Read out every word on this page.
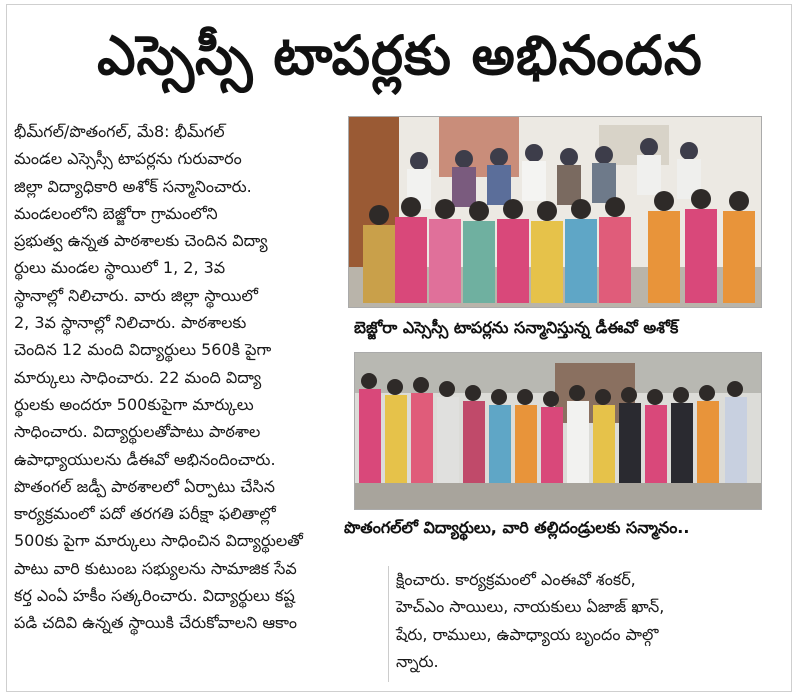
ఎస్సెస్సీ టాపర్లకు అభినందన

భీమ్‌గల్/పొతంగల్, మే8: భీమ్‌గల్

మండల ఎస్సెస్సీ టాపర్లను గురువారం

జిల్లా విద్యాధికారి అశోక్ సన్మానించారు.

మండలంలోని బెజ్జోరా గ్రామంలోని

ప్రభుత్వ ఉన్నత పాఠశాలకు చెందిన విద్యా

ర్థులు మండల స్థాయిలో 1, 2, 3వ

స్థానాల్లో నిలిచారు. వారు జిల్లా స్థాయిలో

2, 3వ స్థానాల్లో నిలిచారు. పాఠశాలకు

చెందిన 12 మంది విద్యార్థులు 560కి పైగా

మార్కులు సాధించారు. 22 మంది విద్యా

ర్థులకు అందరూ 500కుపైగా మార్కులు

సాధించారు. విద్యార్థులతోపాటు పాఠశాల

ఉపాధ్యాయులను డీఈవో అభినందించారు.

పొతంగల్ జడ్పీ పాఠశాలలో ఏర్పాటు చేసిన

కార్యక్రమంలో పదో తరగతి పరీక్షా ఫలితాల్లో

500కు పైగా మార్కులు సాధించిన విద్యార్థులతో

పాటు వారి కుటుంబ సభ్యులను సామాజిక సేవ

కర్త ఎంఏ హకీం సత్కరించారు. విద్యార్థులు కష్ట

పడి చదివి ఉన్నత స్థాయికి చేరుకోవాలని ఆకాం

బెజ్జోరా ఎస్సెస్సీ టాపర్లను సన్మానిస్తున్న డీఈవో అశోక్
పొతంగల్‌లో విద్యార్థులు, వారి తల్లిదండ్రులకు సన్మానం..

క్షించారు. కార్యక్రమంలో ఎంఈవో శంకర్,

హెచ్ఎం సాయిలు, నాయకులు ఏజాజ్ ఖాన్,

షేరు, రాములు, ఉపాధ్యాయ బృందం పాల్గొ

న్నారు.
